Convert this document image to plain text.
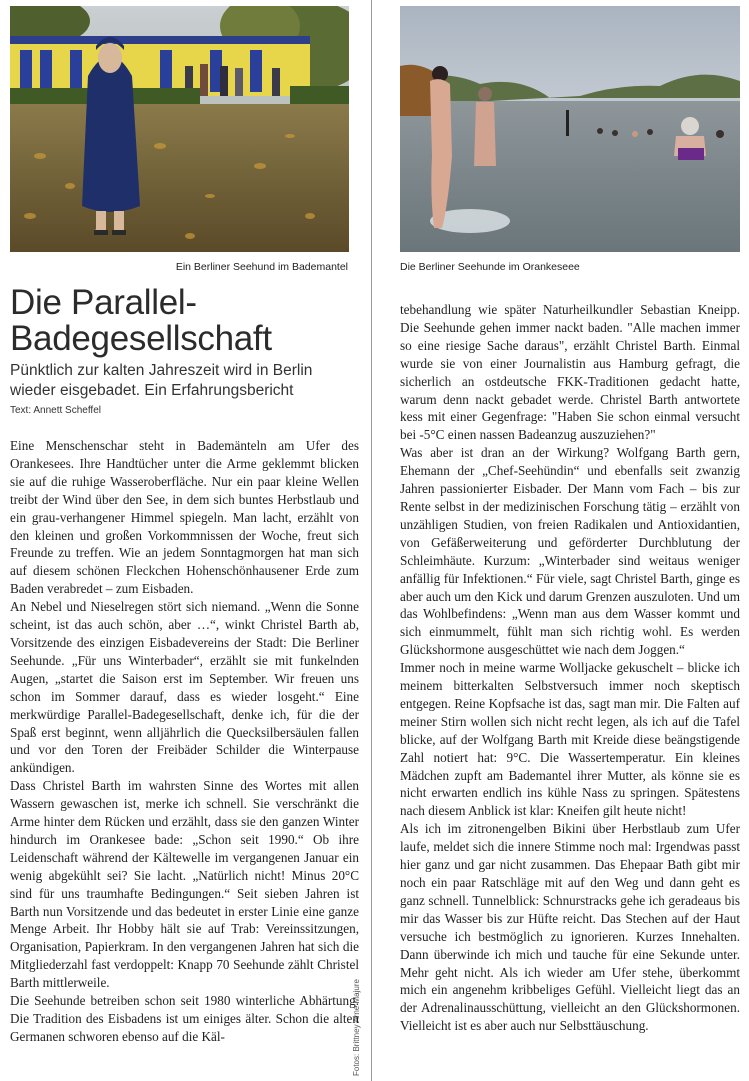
Ein Berliner Seehund im Bademantel	Die Berliner Seehunde im Orankeseee
Fotos: Brittney Arne Majure
Die Parallel-
Badegesellschaft

Pünktlich zur kalten Jahreszeit wird in Berlin
wieder eisgebadet. Ein Erfahrungsbericht

Text: Annett Scheffel

Eine Menschenschar steht in Bademänteln am Ufer des Orankesees. Ihre Handtücher unter die Arme geklemmt blicken sie auf die ruhige Wasseroberfläche. Nur ein paar kleine Wellen treibt der Wind über den See, in dem sich buntes Herbstlaub und ein grau-verhangener Himmel spiegeln. Man lacht, erzählt von den kleinen und großen Vorkommnissen der Woche, freut sich Freunde zu treffen. Wie an jedem Sonntagmorgen hat man sich auf diesem schönen Fleckchen Hohenschönhausener Erde zum Baden verabredet – zum Eisbaden.

An Nebel und Nieselregen stört sich niemand. „Wenn die Sonne scheint, ist das auch schön, aber …“, winkt Christel Barth ab, Vorsitzende des einzigen Eisbadevereins der Stadt: Die Berliner Seehunde. „Für uns Winterbader“, erzählt sie mit funkelnden Augen, „startet die Saison erst im September. Wir freuen uns schon im Sommer darauf, dass es wieder losgeht.“ Eine merkwürdige Parallel-Badegesellschaft, denke ich, für die der Spaß erst beginnt, wenn alljährlich die Quecksilbersäulen fallen und vor den Toren der Freibäder Schilder die Winterpause ankündigen.

Dass Christel Barth im wahrsten Sinne des Wortes mit allen Wassern gewaschen ist, merke ich schnell. Sie verschränkt die Arme hinter dem Rücken und erzählt, dass sie den ganzen Winter hindurch im Orankesee bade: „Schon seit 1990.“ Ob ihre Leidenschaft während der Kältewelle im vergangenen Januar ein wenig abgekühlt sei? Sie lacht. „Natürlich nicht! Minus 20°C sind für uns traumhafte Bedingungen.“ Seit sieben Jahren ist Barth nun Vorsitzende und das bedeutet in erster Linie eine ganze Menge Arbeit. Ihr Hobby hält sie auf Trab: Vereinssitzungen, Organisation, Papierkram. In den vergangenen Jahren hat sich die Mitgliederzahl fast verdoppelt: Knapp 70 Seehunde zählt Christel Barth mittlerweile.

Die Seehunde betreiben schon seit 1980 winterliche Abhärtung. Die Tradition des Eisbadens ist um einiges älter. Schon die alten Germanen schworen ebenso auf die Käl-

tebehandlung wie später Naturheilkundler Sebastian Kneipp. Die Seehunde gehen immer nackt baden. "Alle machen immer so eine riesige Sache daraus", erzählt Christel Barth. Einmal wurde sie von einer Journalistin aus Hamburg gefragt, die sicherlich an ostdeutsche FKK-Traditionen gedacht hatte, warum denn nackt gebadet werde. Christel Barth antwortete kess mit einer Gegenfrage: "Haben Sie schon einmal versucht bei -5°C einen nassen Badeanzug auszuziehen?"

Was aber ist dran an der Wirkung? Wolfgang Barth gern, Ehemann der „Chef-Seehündin“ und ebenfalls seit zwanzig Jahren passionierter Eisbader. Der Mann vom Fach – bis zur Rente selbst in der medizinischen Forschung tätig – erzählt von unzähligen Studien, von freien Radikalen und Antioxidantien, von Gefäßerweiterung und geförderter Durchblutung der Schleimhäute. Kurzum: „Winterbader sind weitaus weniger anfällig für Infektionen.“ Für viele, sagt Christel Barth, ginge es aber auch um den Kick und darum Grenzen auszuloten. Und um das Wohlbefindens: „Wenn man aus dem Wasser kommt und sich einmummelt, fühlt man sich richtig wohl. Es werden Glückshormone ausgeschüttet wie nach dem Joggen.“

Immer noch in meine warme Wolljacke gekuschelt – blicke ich meinem bitterkalten Selbstversuch immer noch skeptisch entgegen. Reine Kopfsache ist das, sagt man mir. Die Falten auf meiner Stirn wollen sich nicht recht legen, als ich auf die Tafel blicke, auf der Wolfgang Barth mit Kreide diese beängstigende Zahl notiert hat: 9°C. Die Wassertemperatur. Ein kleines Mädchen zupft am Bademantel ihrer Mutter, als könne sie es nicht erwarten endlich ins kühle Nass zu springen. Spätestens nach diesem Anblick ist klar: Kneifen gilt heute nicht!

Als ich im zitronengelben Bikini über Herbstlaub zum Ufer laufe, meldet sich die innere Stimme noch mal: Irgendwas passt hier ganz und gar nicht zusammen. Das Ehepaar Bath gibt mir noch ein paar Ratschläge mit auf den Weg und dann geht es ganz schnell. Tunnelblick: Schnurstracks gehe ich geradeaus bis mir das Wasser bis zur Hüfte reicht. Das Stechen auf der Haut versuche ich bestmöglich zu ignorieren. Kurzes Innehalten. Dann überwinde ich mich und tauche für eine Sekunde unter. Mehr geht nicht. Als ich wieder am Ufer stehe, überkommt mich ein angenehm kribbeliges Gefühl. Vielleicht liegt das an der Adrenalinausschüttung, vielleicht an den Glückshormonen. Vielleicht ist es aber auch nur Selbsttäuschung.
